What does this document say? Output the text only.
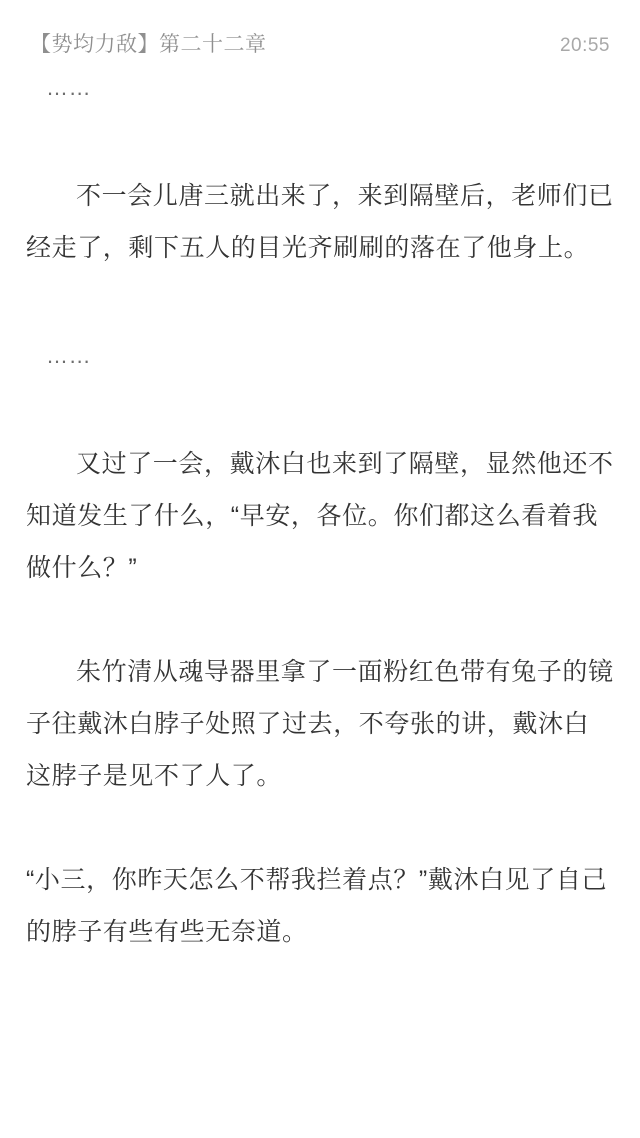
【势均力敌】第二十二章	20:55

……

不一会儿唐三就出来了，来到隔壁后，老师们已经走了，剩下五人的目光齐刷刷的落在了他身上。

……

又过了一会，戴沐白也来到了隔壁，显然他还不知道发生了什么，“早安，各位。你们都这么看着我做什么？”

朱竹清从魂导器里拿了一面粉红色带有兔子的镜子往戴沐白脖子处照了过去，不夸张的讲，戴沐白这脖子是见不了人了。

“小三，你昨天怎么不帮我拦着点？”戴沐白见了自己的脖子有些有些无奈道。
